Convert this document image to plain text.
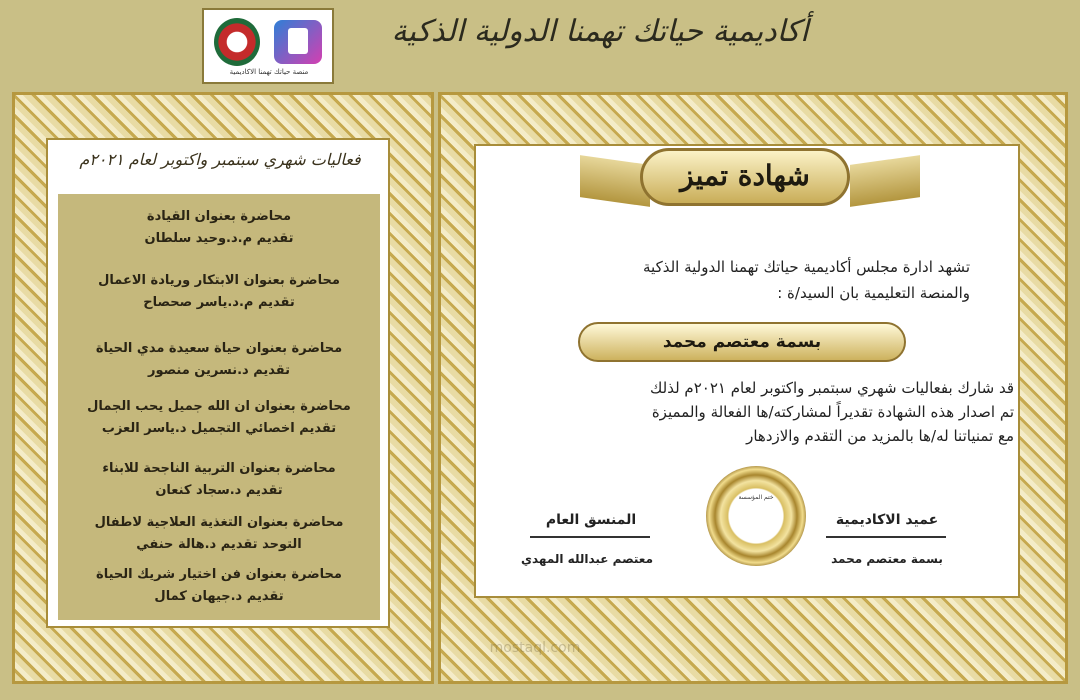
منصة حياتك تهمنا الاكاديمية
أكاديمية حياتك تهمنا الدولية الذكية
فعاليات شهري سبتمبر واكتوبر لعام ٢٠٢١م
محاضرة بعنوان القيادة
تقديم م.د.وحيد سلطان
محاضرة بعنوان الابتكار وريادة الاعمال
تقديم م.د.ياسر صحصاح
محاضرة بعنوان حياة سعيدة مدي الحياة
تقديم د.نسرين منصور
محاضرة بعنوان ان الله جميل يحب الجمال
تقديم اخصائي التجميل د.ياسر العزب
محاضرة بعنوان التربية الناجحة للابناء
تقديم د.سجاد كنعان
محاضرة بعنوان التغذية العلاجية لاطفال
التوحد تقديم د.هالة حنفي
محاضرة بعنوان فن اختيار شريك الحياة
تقديم د.جيهان كمال
شهادة تميز
تشهد ادارة مجلس أكاديمية حياتك تهمنا الدولية الذكية
والمنصة التعليمية بان السيد/ة :
بسمة معتصم محمد
قد شارك بفعاليات شهري سبتمبر واكتوبر لعام ٢٠٢١م لذلك
تم اصدار هذه الشهادة تقديراً لمشاركته/ها الفعالة والمميزة
مع تمنياتنا له/ها بالمزيد من التقدم والازدهار
عميد الاكاديمية
بسمة معتصم محمد
المنسق العام
معتصم عبدالله المهدي
ختم المؤسسة
mostaql.com
